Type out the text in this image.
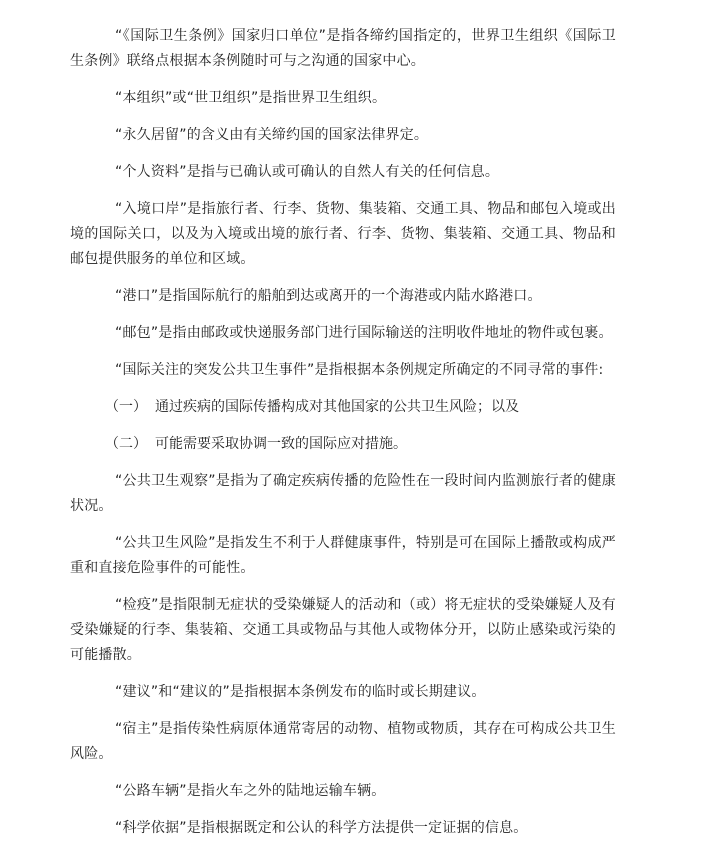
“《国际卫生条例》国家归口单位”是指各缔约国指定的，世界卫生组织《国际卫生条例》联络点根据本条例随时可与之沟通的国家中心。

“本组织”或“世卫组织”是指世界卫生组织。

“永久居留”的含义由有关缔约国的国家法律界定。

“个人资料”是指与已确认或可确认的自然人有关的任何信息。

“入境口岸”是指旅行者、行李、货物、集装箱、交通工具、物品和邮包入境或出境的国际关口，以及为入境或出境的旅行者、行李、货物、集装箱、交通工具、物品和邮包提供服务的单位和区域。

“港口”是指国际航行的船舶到达或离开的一个海港或内陆水路港口。

“邮包”是指由邮政或快递服务部门进行国际输送的注明收件地址的物件或包裹。

“国际关注的突发公共卫生事件”是指根据本条例规定所确定的不同寻常的事件:

（一） 通过疾病的国际传播构成对其他国家的公共卫生风险；以及
（二） 可能需要采取协调一致的国际应对措施。

“公共卫生观察”是指为了确定疾病传播的危险性在一段时间内监测旅行者的健康状况。

“公共卫生风险”是指发生不利于人群健康事件，特别是可在国际上播散或构成严重和直接危险事件的可能性。

“检疫”是指限制无症状的受染嫌疑人的活动和（或）将无症状的受染嫌疑人及有受染嫌疑的行李、集装箱、交通工具或物品与其他人或物体分开，以防止感染或污染的可能播散。

“建议”和“建议的”是指根据本条例发布的临时或长期建议。

“宿主”是指传染性病原体通常寄居的动物、植物或物质，其存在可构成公共卫生风险。

“公路车辆”是指火车之外的陆地运输车辆。

“科学依据”是指根据既定和公认的科学方法提供一定证据的信息。
